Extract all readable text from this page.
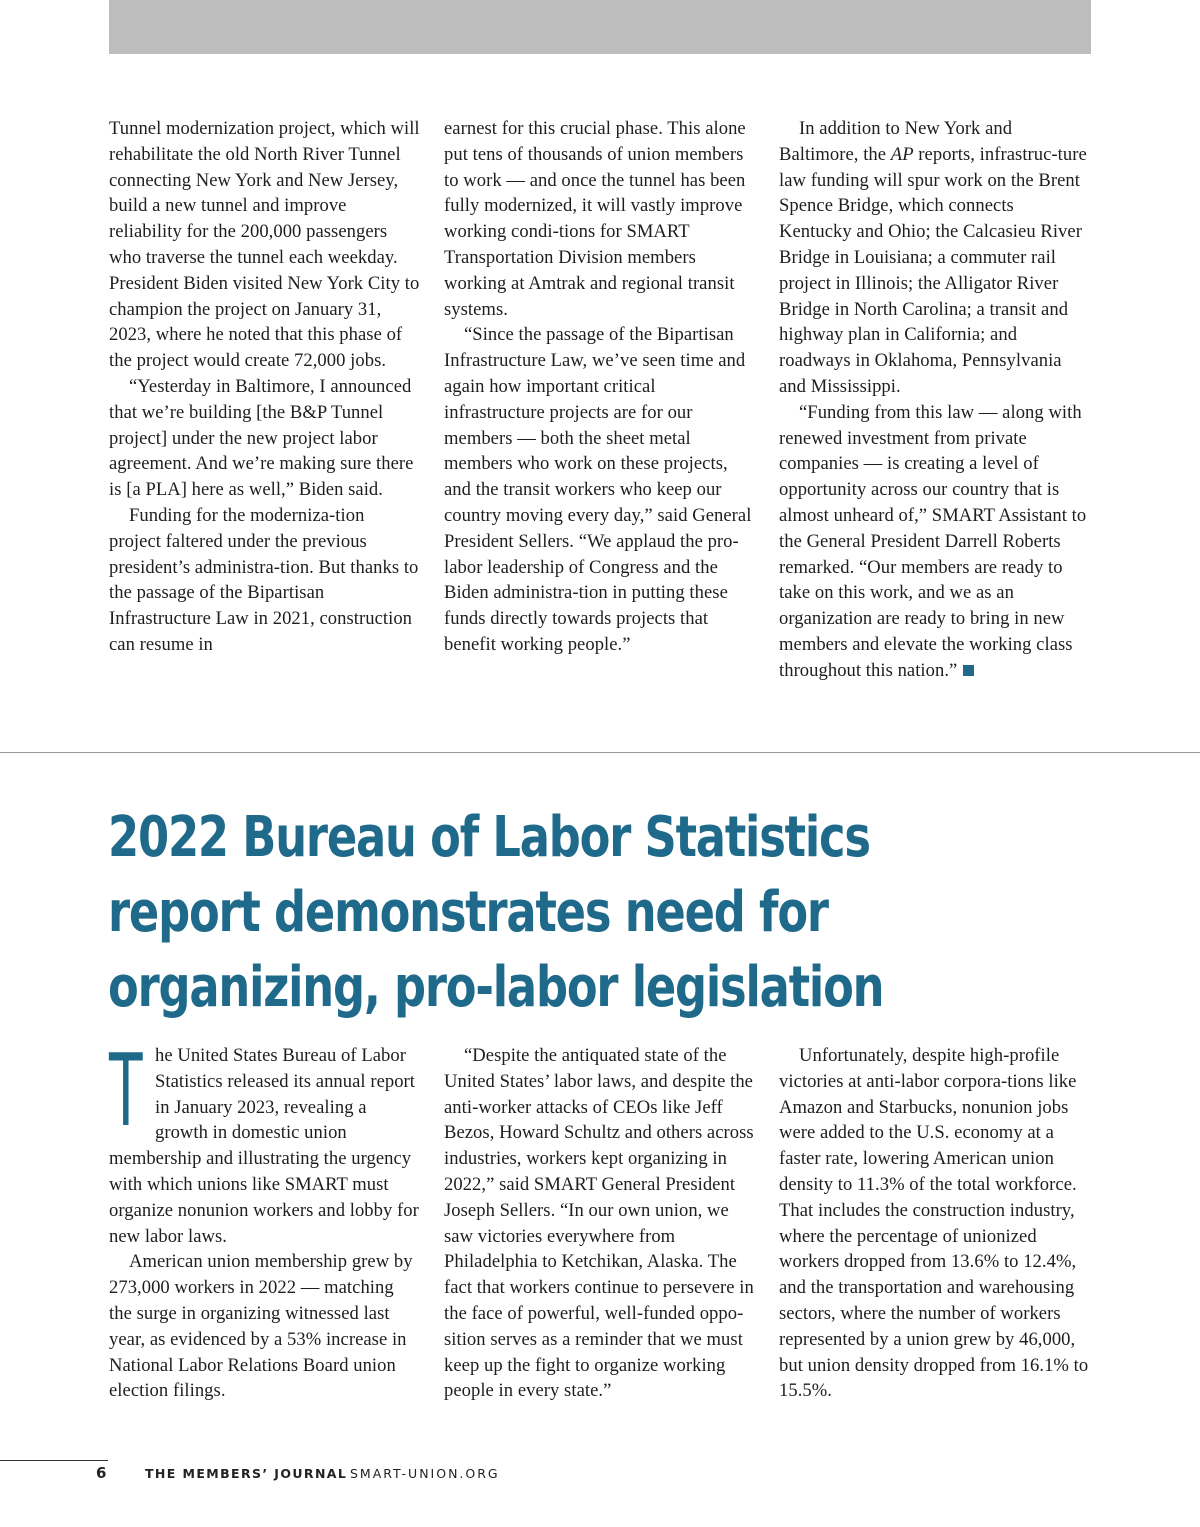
Tunnel modernization project, which will rehabilitate the old North River Tunnel connecting New York and New Jersey, build a new tunnel and improve reliability for the 200,000 passengers who traverse the tunnel each weekday. President Biden visited New York City to champion the project on January 31, 2023, where he noted that this phase of the project would create 72,000 jobs.

“Yesterday in Baltimore, I announced that we’re building [the B&P Tunnel project] under the new project labor agreement. And we’re making sure there is [a PLA] here as well,” Biden said.

Funding for the moderniza-tion project faltered under the previous president’s administra-tion. But thanks to the passage of the Bipartisan Infrastructure Law in 2021, construction can resume in

earnest for this crucial phase. This alone put tens of thousands of union members to work — and once the tunnel has been fully modernized, it will vastly improve working condi-tions for SMART Transportation Division members working at Amtrak and regional transit systems.

“Since the passage of the Bipartisan Infrastructure Law, we’ve seen time and again how important critical infrastructure projects are for our members — both the sheet metal members who work on these projects, and the transit workers who keep our country moving every day,” said General President Sellers. “We applaud the pro-labor leadership of Congress and the Biden administra-tion in putting these funds directly towards projects that benefit working people.”

In addition to New York and Baltimore, the AP reports, infrastruc-ture law funding will spur work on the Brent Spence Bridge, which connects Kentucky and Ohio; the Calcasieu River Bridge in Louisiana; a commuter rail project in Illinois; the Alligator River Bridge in North Carolina; a transit and highway plan in California; and roadways in Oklahoma, Pennsylvania and Mississippi.

“Funding from this law — along with renewed investment from private companies — is creating a level of opportunity across our country that is almost unheard of,” SMART Assistant to the General President Darrell Roberts remarked. “Our members are ready to take on this work, and we as an organization are ready to bring in new members and elevate the working class throughout this nation.”

2022 Bureau of Labor Statistics
report demonstrates need for
organizing, pro-labor legislation

The United States Bureau of Labor Statistics released its annual report in January 2023, revealing a growth in domestic union membership and illustrating the urgency with which unions like SMART must organize nonunion workers and lobby for new labor laws.

American union membership grew by 273,000 workers in 2022 — matching the surge in organizing witnessed last year, as evidenced by a 53% increase in National Labor Relations Board union election filings.

“Despite the antiquated state of the United States’ labor laws, and despite the anti-worker attacks of CEOs like Jeff Bezos, Howard Schultz and others across industries, workers kept organizing in 2022,” said SMART General President Joseph Sellers. “In our own union, we saw victories everywhere from Philadelphia to Ketchikan, Alaska. The fact that workers continue to persevere in the face of powerful, well-funded oppo-sition serves as a reminder that we must keep up the fight to organize working people in every state.”

Unfortunately, despite high-profile victories at anti-labor corpora-tions like Amazon and Starbucks, nonunion jobs were added to the U.S. economy at a faster rate, lowering American union density to 11.3% of the total workforce. That includes the construction industry, where the percentage of unionized workers dropped from 13.6% to 12.4%, and the transportation and warehousing sectors, where the number of workers represented by a union grew by 46,000, but union density dropped from 16.1% to 15.5%.

6	THE MEMBERS’ JOURNAL SMART-UNION.ORG
